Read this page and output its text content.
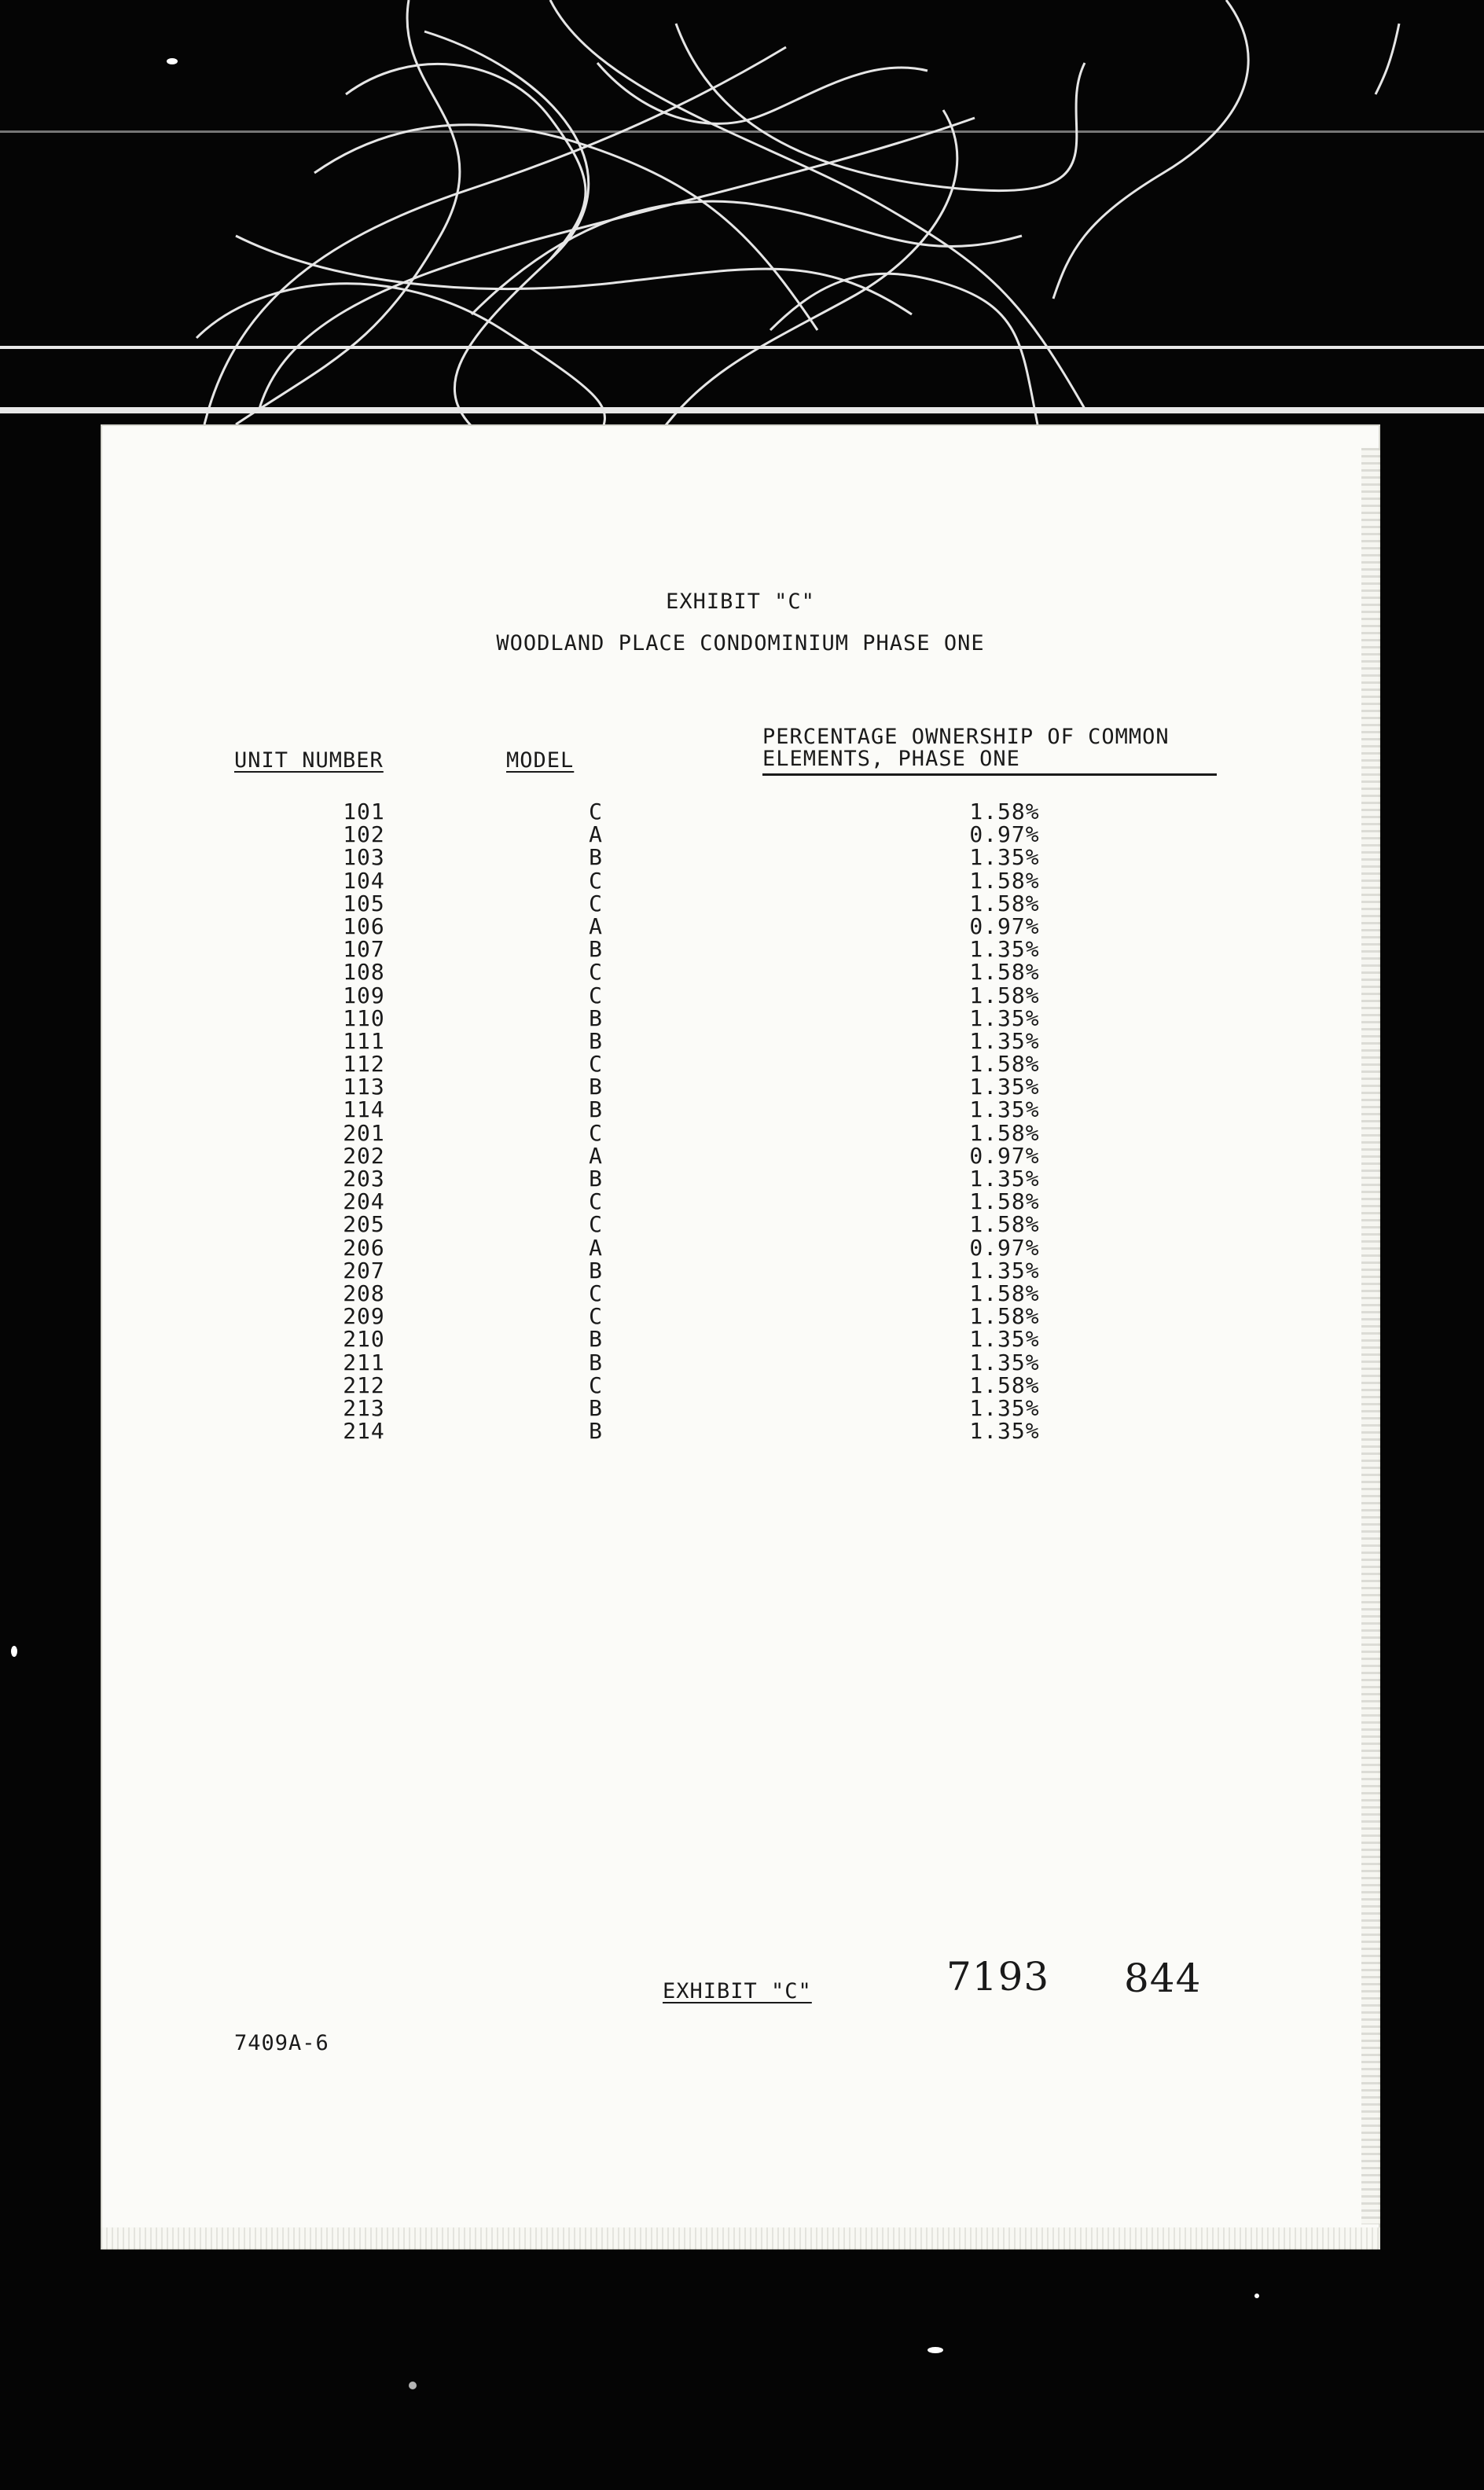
EXHIBIT "C"
WOODLAND PLACE CONDOMINIUM PHASE ONE
UNIT NUMBER	MODEL
PERCENTAGE OWNERSHIP OF COMMON
ELEMENTS, PHASE ONE
101
102
103
104
105
106
107
108
109
110
111
112
113
114
201
202
203
204
205
206
207
208
209
210
211
212
213
214
C
A
B
C
C
A
B
C
C
B
B
C
B
B
C
A
B
C
C
A
B
C
C
B
B
C
B
B
1.58%
0.97%
1.35%
1.58%
1.58%
0.97%
1.35%
1.58%
1.58%
1.35%
1.35%
1.58%
1.35%
1.35%
1.58%
0.97%
1.35%
1.58%
1.58%
0.97%
1.35%
1.58%
1.58%
1.35%
1.35%
1.58%
1.35%
1.35%
EXHIBIT "C"	7193 844
7409A-6
